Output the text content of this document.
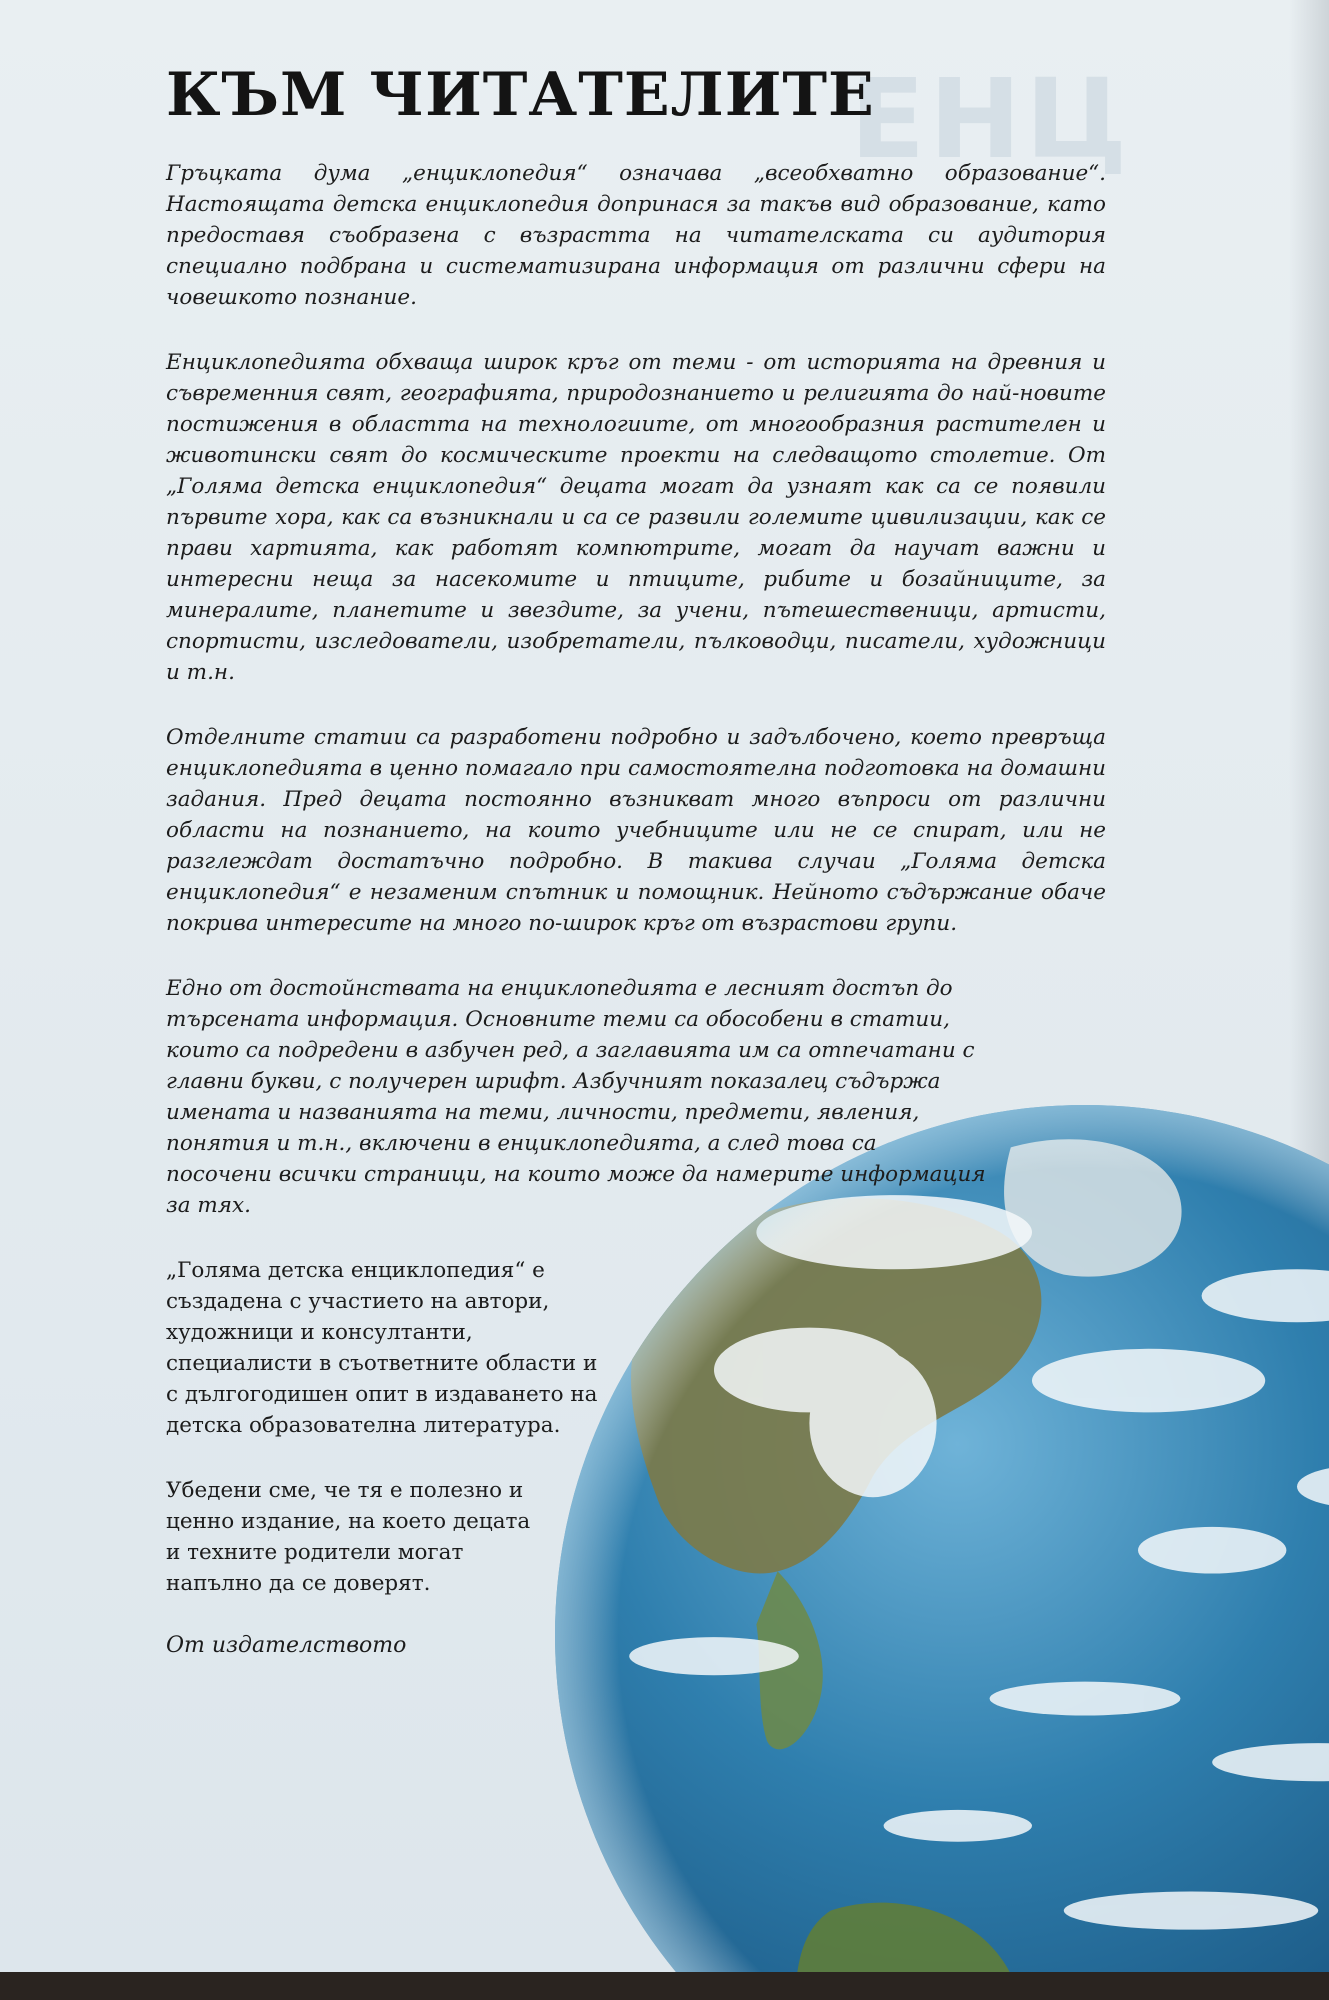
ЕНЦ
КЪМ ЧИТАТЕЛИТЕ

Гръцката дума „енциклопедия“ означава „всеобхватно образование“. Настоящата детска енциклопедия допринася за такъв вид образование, като предоставя съобразена с възрастта на читателската си аудитория специално подбрана и систематизирана информация от различни сфери на човешкото познание.

Енциклопедията обхваща широк кръг от теми - от историята на древния и съвременния свят, географията, природознанието и религията до най-новите постижения в областта на технологиите, от многообразния растителен и животински свят до космическите проекти на следващото столетие. От „Голяма детска енциклопедия“ децата могат да узнаят как са се появили първите хора, как са възникнали и са се развили големите цивилизации, как се прави хартията, как работят компютрите, могат да научат важни и интересни неща за насекомите и птиците, рибите и бозайниците, за минералите, планетите и звездите, за учени, пътешественици, артисти, спортисти, изследователи, изобретатели, пълководци, писатели, художници и т.н.

Отделните статии са разработени подробно и задълбочено, което превръща енциклопедията в ценно помагало при самостоятелна подготовка на домашни задания. Пред децата постоянно възникват много въпроси от различни области на познанието, на които учебниците или не се спират, или не разглеждат достатъчно подробно. В такива случаи „Голяма детска енциклопедия“ е незаменим спътник и помощник. Нейното съдържание обаче покрива интересите на много по-широк кръг от възрастови групи.

Едно от достойнствата на енциклопедията е лесният достъп до търсената информация. Основните теми са обособени в статии, които са подредени в азбучен ред, а заглавията им са отпечатани с главни букви, с получерен шрифт. Азбучният показалец съдържа имената и названията на теми, личности, предмети, явления, понятия и т.н., включени в енциклопедията, а след това са посочени всички страници, на които може да намерите информация за тях.

„Голяма детска енциклопедия“ е създадена с участието на автори, художници и консултанти, специалисти в съответните области и с дългогодишен опит в издаването на детска образователна литература.

Убедени сме, че тя е полезно и ценно издание, на което децата и техните родители могат напълно да се доверят.

От издателството
